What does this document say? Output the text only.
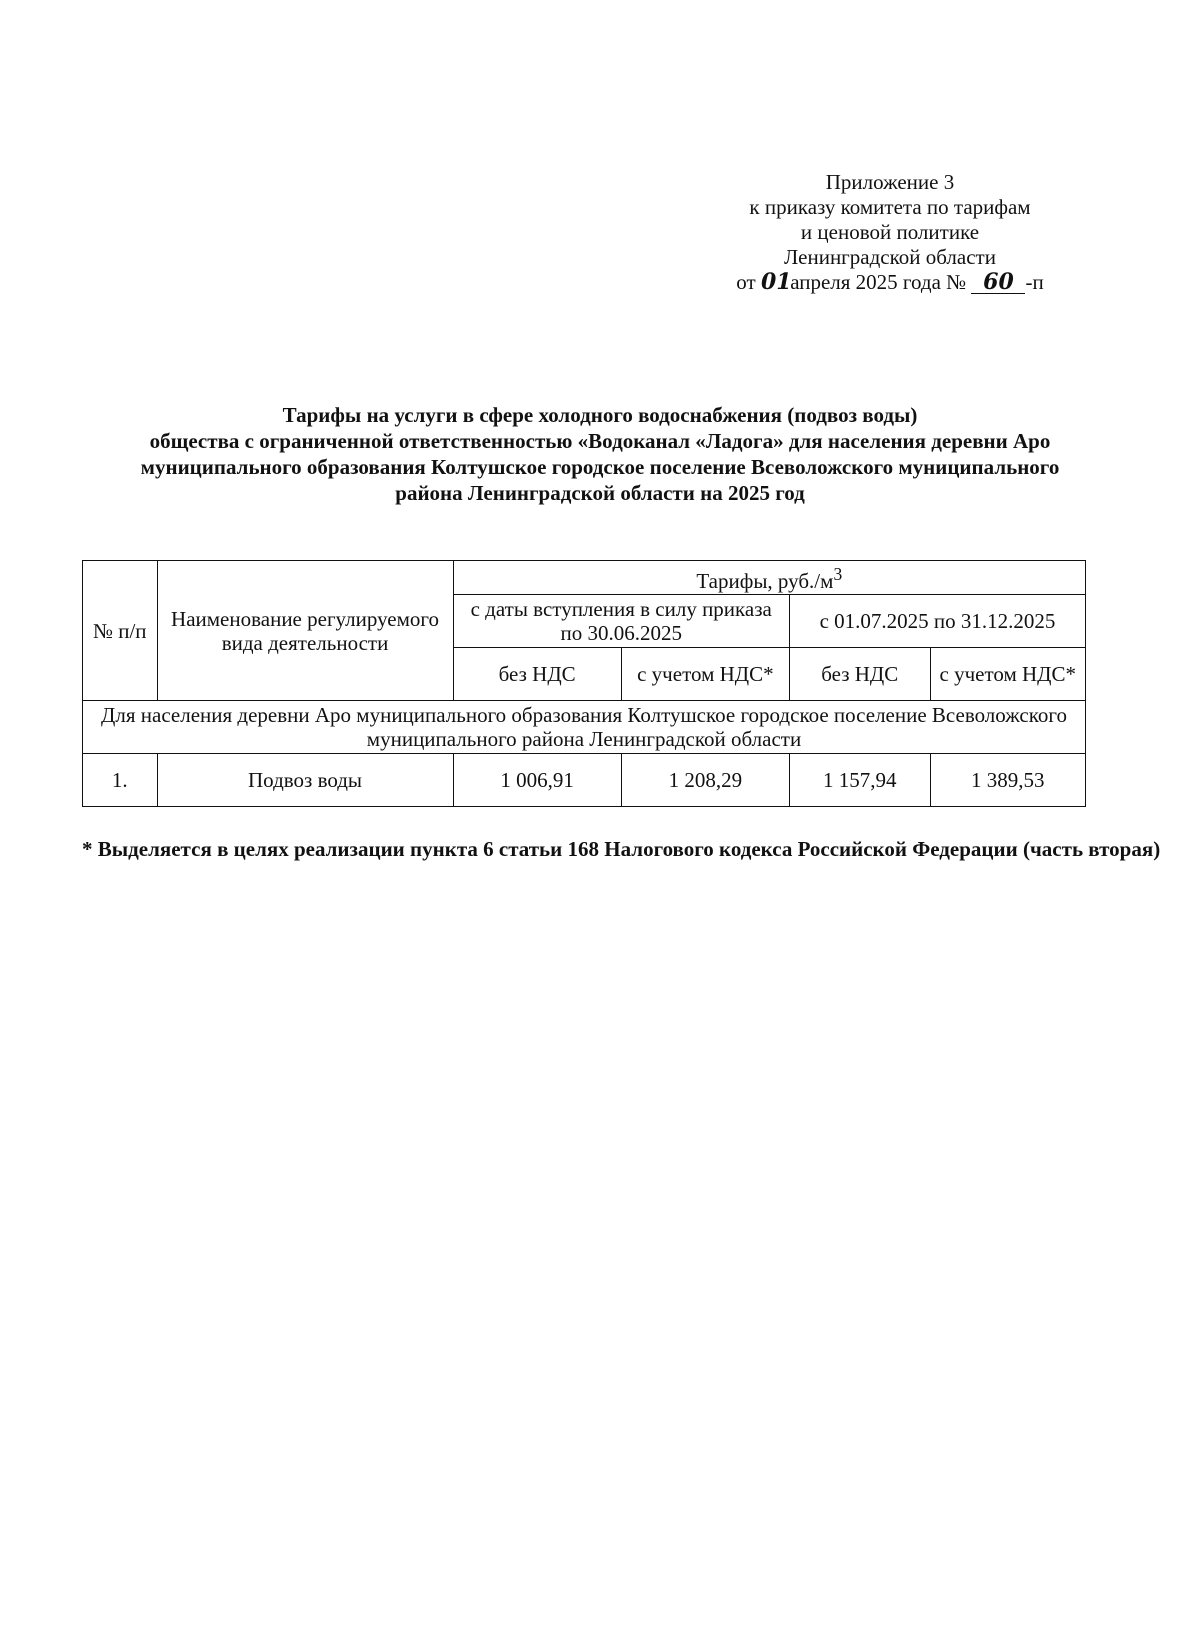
Приложение 3
к приказу комитета по тарифам
и ценовой политике
Ленинградской области
от 01 апреля 2025 года № 60 -п
Тарифы на услуги в сфере холодного водоснабжения (подвоз воды)
общества с ограниченной ответственностью «Водоканал «Ладога» для населения деревни Аро
муниципального образования Колтушское городское поселение Всеволожского муниципального
района Ленинградской области на 2025 год
№ п/п	Наименование регулируемого вида деятельности	Тарифы, $руб./м^3$
		с даты вступления в силу приказа по 30.06.2025		с 01.07.2025 по 31.12.2025	
		без НДС	с учетом НДС*	без НДС	с учетом НДС*
Для населения деревни Аро муниципального образования Колтушское городское поселение Всеволожского муниципального района Ленинградской области					
1.	Подвоз воды	1 006,91	1 208,29	1 157,94	1 389,53
* Выделяется в целях реализации пункта 6 статьи 168 Налогового кодекса Российской Федерации (часть вторая)
